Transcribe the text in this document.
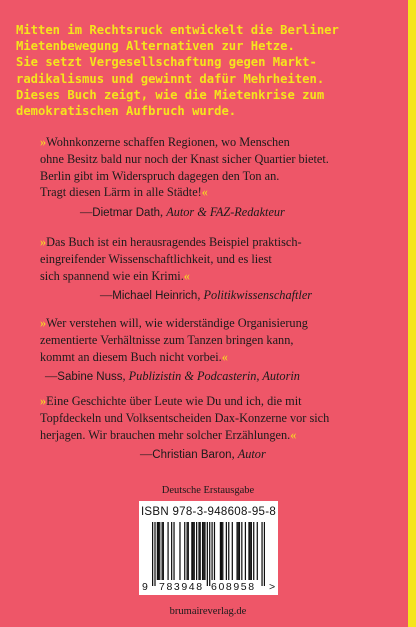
Mitten im Rechtsruck entwickelt die Berliner
Mietenbewegung Alternativen zur Hetze.
Sie setzt Vergesellschaftung gegen Markt-
radikalismus und gewinnt dafür Mehrheiten.
Dieses Buch zeigt, wie die Mietenkrise zum
demokratischen Aufbruch wurde.
»Wohnkonzerne schaffen Regionen, wo Menschen
ohne Besitz bald nur noch der Knast sicher Quartier bietet.
Berlin gibt im Widerspruch dagegen den Ton an.
Tragt diesen Lärm in alle Städte!«
—Dietmar Dath, Autor & FAZ-Redakteur
»Das Buch ist ein herausragendes Beispiel praktisch-
eingreifender Wissenschaftlichkeit, und es liest
sich spannend wie ein Krimi.«
—Michael Heinrich, Politikwissenschaftler
»Wer verstehen will, wie widerständige Organisierung
zementierte Verhältnisse zum Tanzen bringen kann,
kommt an diesem Buch nicht vorbei.«
—Sabine Nuss, Publizistin & Podcasterin, Autorin
»Eine Geschichte über Leute wie Du und ich, die mit
Topfdeckeln und Volksentscheiden Dax-Konzerne vor sich
herjagen. Wir brauchen mehr solcher Erzählungen.«
—Christian Baron, Autor
Deutsche Erstausgabe
ISBN 978-3-948608-95-8
9 783948 608958 >
brumaireverlag.de
